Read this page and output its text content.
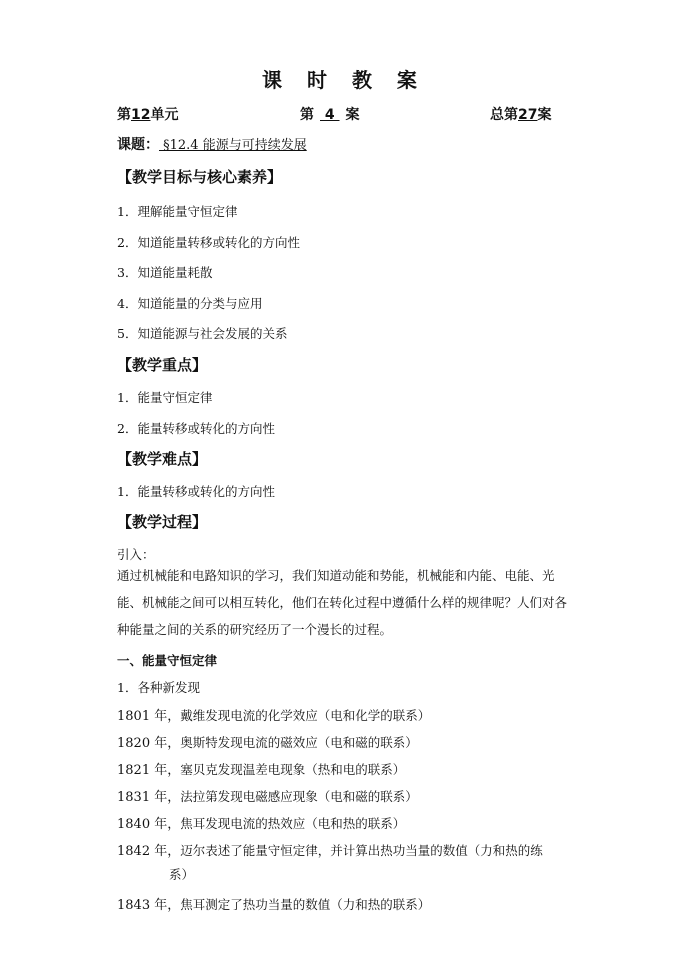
课 时 教 案
第12单元	第 4 案	总第27案
课题： §12.4 能源与可持续发展
【教学目标与核心素养】
1．理解能量守恒定律
2．知道能量转移或转化的方向性
3．知道能量耗散
4．知道能量的分类与应用
5．知道能源与社会发展的关系
【教学重点】
1．能量守恒定律
2．能量转移或转化的方向性
【教学难点】
1．能量转移或转化的方向性
【教学过程】
引入：
通过机械能和电路知识的学习，我们知道动能和势能，机械能和内能、电能、光能、机械能之间可以相互转化，他们在转化过程中遵循什么样的规律呢？人们对各种能量之间的关系的研究经历了一个漫长的过程。
一、能量守恒定律
1．各种新发现
1801 年，戴维发现电流的化学效应（电和化学的联系）
1820 年，奥斯特发现电流的磁效应（电和磁的联系）
1821 年，塞贝克发现温差电现象（热和电的联系）
1831 年，法拉第发现电磁感应现象（电和磁的联系）
1840 年，焦耳发现电流的热效应（电和热的联系）
1842 年，迈尔表述了能量守恒定律，并计算出热功当量的数值（力和热的练
系）
1843 年，焦耳测定了热功当量的数值（力和热的联系）
